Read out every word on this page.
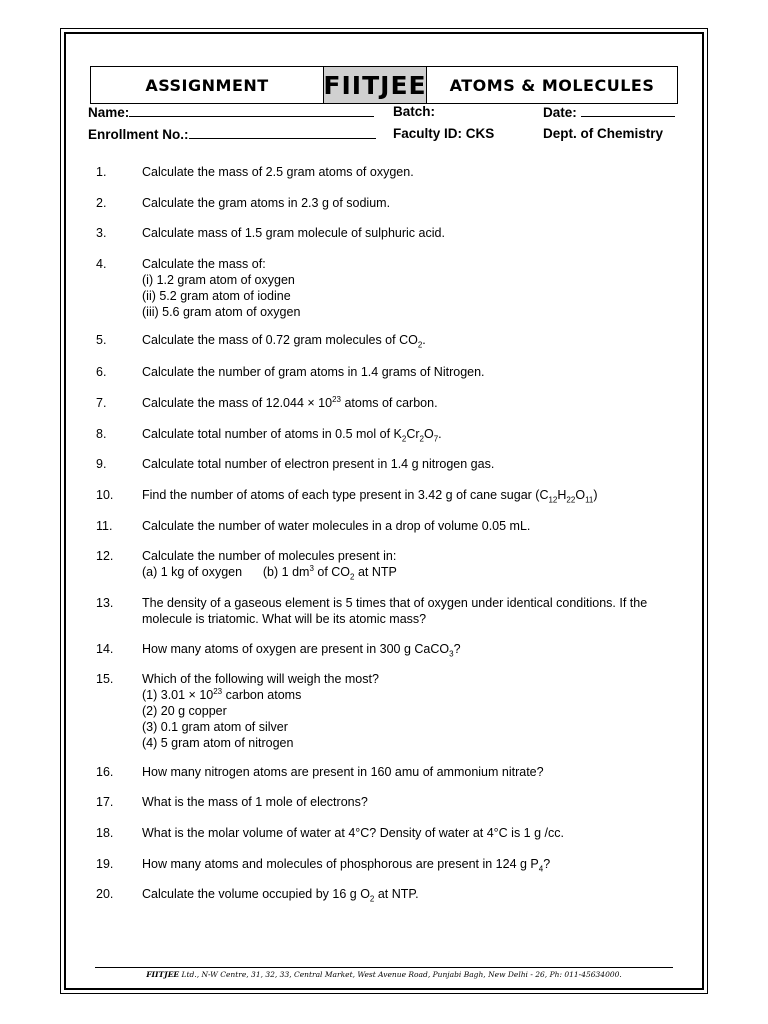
ASSIGNMENT	FIITJEE	ATOMS & MOLECULES
Name:	Batch:	Date:
Enrollment No.:	Faculty ID: CKS	Dept. of Chemistry
1.	Calculate the mass of 2.5 gram atoms of oxygen.
2.	Calculate the gram atoms in 2.3 g of sodium.
3.	Calculate mass of 1.5 gram molecule of sulphuric acid.
4.	Calculate the mass of:
(i) 1.2 gram atom of oxygen
(ii) 5.2 gram atom of iodine
(iii) 5.6 gram atom of oxygen
5.	Calculate the mass of 0.72 gram molecules of $CO_2$.
6.	Calculate the number of gram atoms in 1.4 grams of Nitrogen.
7.	Calculate the mass of $12.044 \times 10^{23}$ atoms of carbon.
8.	Calculate total number of atoms in 0.5 mol of $K_2Cr_2O_7$.
9.	Calculate total number of electron present in 1.4 g nitrogen gas.
10.	Find the number of atoms of each type present in 3.42 g of cane sugar $(C_{12}H_{22}O_{11})$
11.	Calculate the number of water molecules in a drop of volume 0.05 mL.
12.	Calculate the number of molecules present in:
(a) 1 kg of oxygen      (b) 1 $dm^3$ of $CO_2$ at NTP
13.	The density of a gaseous element is 5 times that of oxygen under identical conditions. If the
molecule is triatomic. What will be its atomic mass?
14.	How many atoms of oxygen are present in 300 g CaCO$_3$?
15.	Which of the following will weigh the most?
(1) $3.01 \times 10^{23}$ carbon atoms
(2) 20 g copper
(3) 0.1 gram atom of silver
(4) 5 gram atom of nitrogen
16.	How many nitrogen atoms are present in 160 amu of ammonium nitrate?
17.	What is the mass of 1 mole of electrons?
18.	What is the molar volume of water at 4°C? Density of water at 4°C is 1 g /cc.
19.	How many atoms and molecules of phosphorous are present in 124 g $P_4$?
20.	Calculate the volume occupied by 16 g $O_2$ at NTP.
FIITJEE Ltd., N-W Centre, 31, 32, 33, Central Market, West Avenue Road, Punjabi Bagh, New Delhi - 26, Ph: 011-45634000.
